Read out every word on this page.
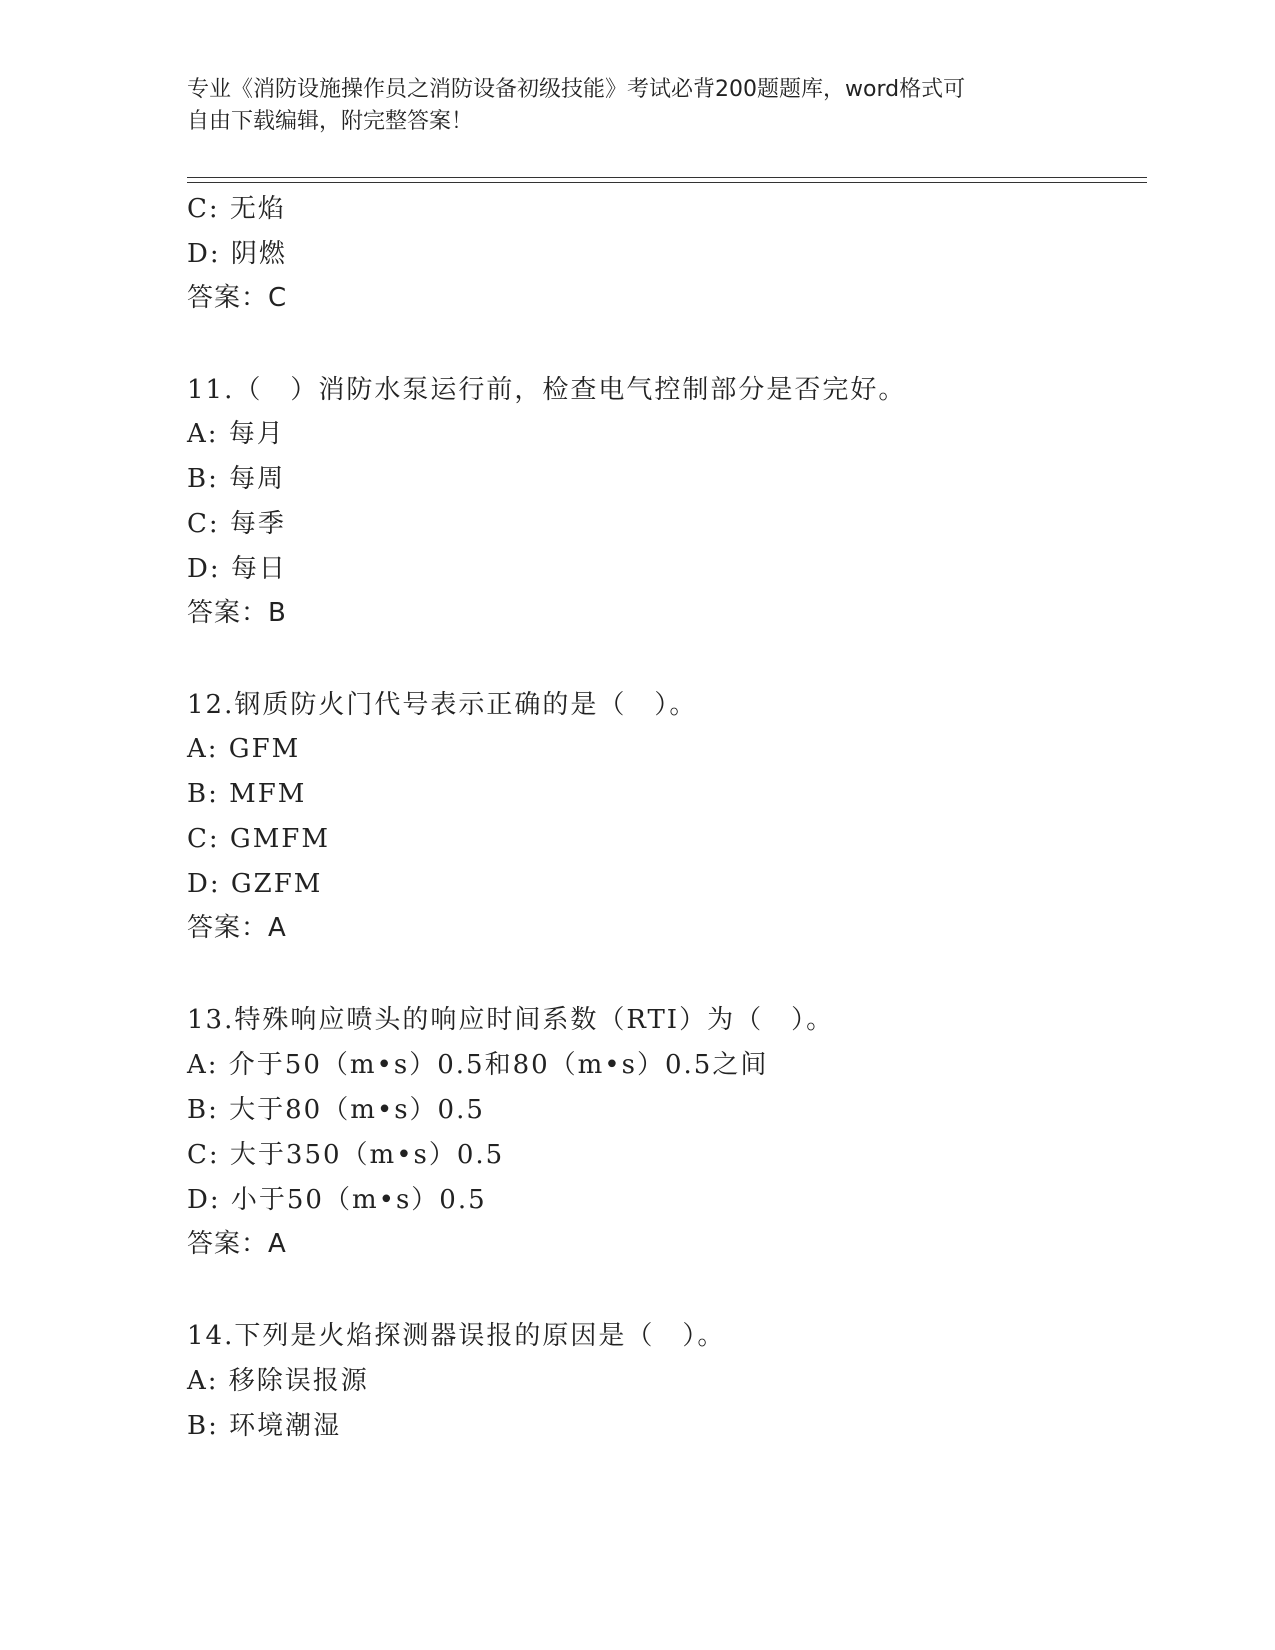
专业《消防设施操作员之消防设备初级技能》考试必背200题题库，word格式可
自由下载编辑，附完整答案！
C: 无焰
D: 阴燃
答案：C
11.（　）消防水泵运行前，检查电气控制部分是否完好。
A: 每月
B: 每周
C: 每季
D: 每日
答案：B
12.钢质防火门代号表示正确的是（　）。
A: GFM
B: MFM
C: GMFM
D: GZFM
答案：A
13.特殊响应喷头的响应时间系数（RTI）为（　）。
A: 介于50（m•s）0.5和80（m•s）0.5之间
B: 大于80（m•s）0.5
C: 大于350（m•s）0.5
D: 小于50（m•s）0.5
答案：A
14.下列是火焰探测器误报的原因是（　）。
A: 移除误报源
B: 环境潮湿
